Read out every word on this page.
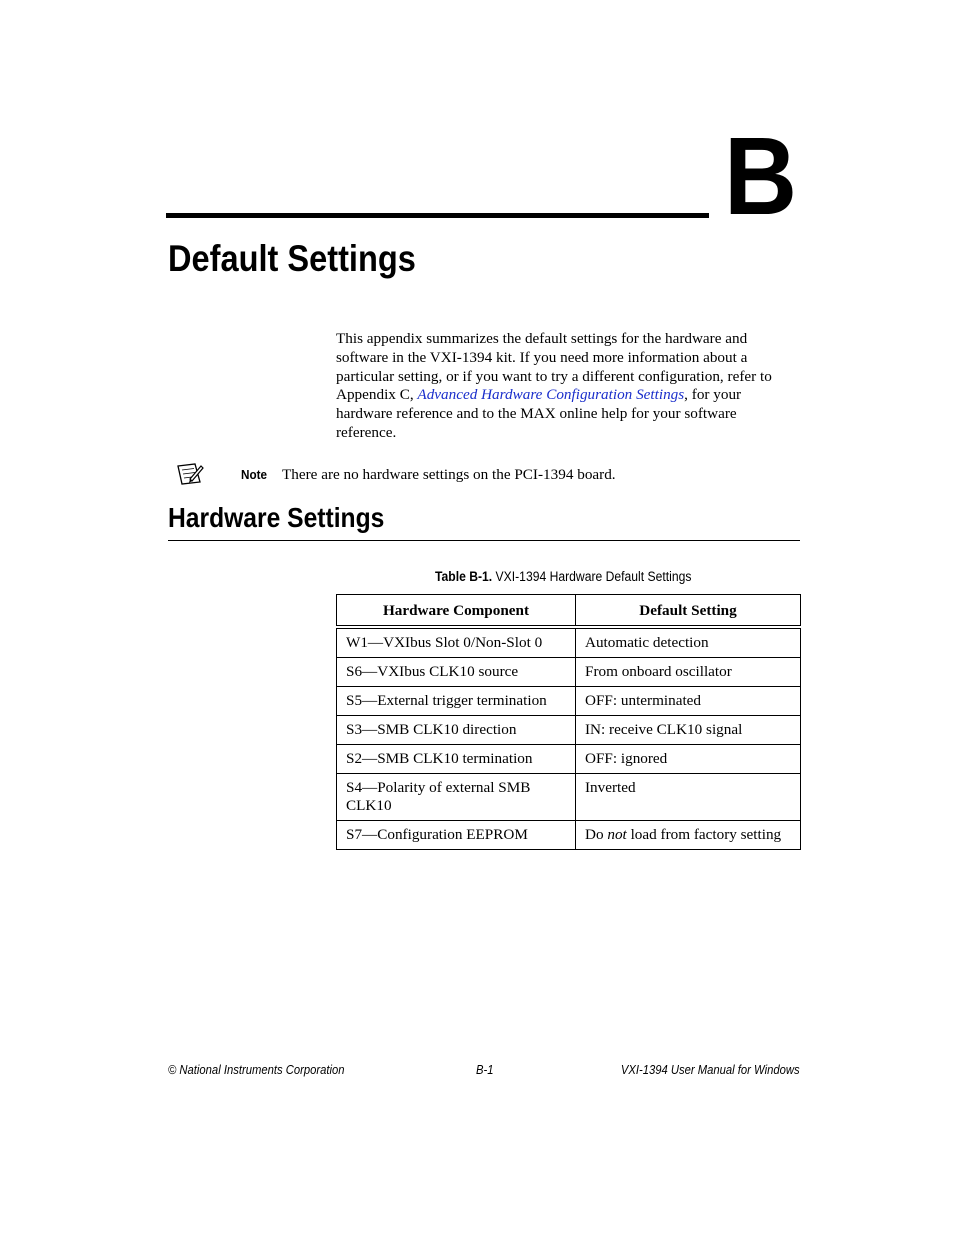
B
Default Settings
This appendix summarizes the default settings for the hardware and software in the VXI-1394 kit. If you need more information about a particular setting, or if you want to try a different configuration, refer to Appendix C, Advanced Hardware Configuration Settings, for your hardware reference and to the MAX online help for your software reference.
Note There are no hardware settings on the PCI-1394 board.
Hardware Settings
Table B-1. VXI-1394 Hardware Default Settings
Hardware Component	Default Setting
W1—VXIbus Slot 0/Non-Slot 0	Automatic detection
S6—VXIbus CLK10 source	From onboard oscillator
S5—External trigger termination	OFF: unterminated
S3—SMB CLK10 direction	IN: receive CLK10 signal
S2—SMB CLK10 termination	OFF: ignored
S4—Polarity of external SMB CLK10	Inverted
S7—Configuration EEPROM	Do not load from factory setting
© National Instruments Corporation	B-1	VXI-1394 User Manual for Windows
